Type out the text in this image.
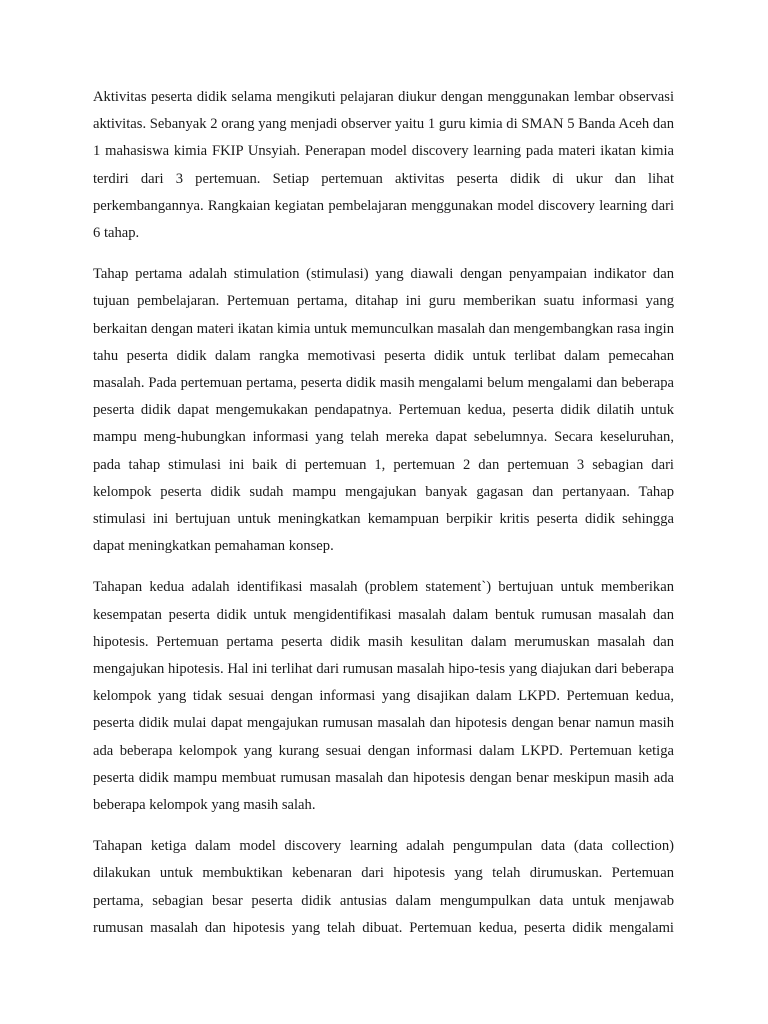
Aktivitas peserta didik selama mengikuti pelajaran diukur dengan menggunakan lembar observasi aktivitas. Sebanyak 2 orang yang menjadi observer yaitu 1 guru kimia di SMAN 5 Banda Aceh dan 1 mahasiswa kimia FKIP Unsyiah. Penerapan model discovery learning pada materi ikatan kimia terdiri dari 3 pertemuan. Setiap pertemuan aktivitas peserta didik di ukur dan lihat perkembangannya. Rangkaian kegiatan pembelajaran menggunakan model discovery learning dari 6 tahap.

Tahap pertama adalah stimulation (stimulasi) yang diawali dengan penyampaian indikator dan tujuan pembelajaran. Pertemuan pertama, ditahap ini guru memberikan suatu informasi yang berkaitan dengan materi ikatan kimia untuk memunculkan masalah dan mengembangkan rasa ingin tahu peserta didik dalam rangka memotivasi peserta didik untuk terlibat dalam pemecahan masalah. Pada pertemuan pertama, peserta didik masih mengalami belum mengalami dan beberapa peserta didik dapat mengemukakan pendapatnya. Pertemuan kedua, peserta didik dilatih untuk mampu meng-hubungkan informasi yang telah mereka dapat sebelumnya. Secara keseluruhan, pada tahap stimulasi ini baik di pertemuan 1, pertemuan 2 dan pertemuan 3 sebagian dari kelompok peserta didik sudah mampu mengajukan banyak gagasan dan pertanyaan. Tahap stimulasi ini bertujuan untuk meningkatkan kemampuan berpikir kritis peserta didik sehingga dapat meningkatkan pemahaman konsep.

Tahapan kedua adalah identifikasi masalah (problem statement`) bertujuan untuk memberikan kesempatan peserta didik untuk mengidentifikasi masalah dalam bentuk rumusan masalah dan hipotesis. Pertemuan pertama peserta didik masih kesulitan dalam merumuskan masalah dan mengajukan hipotesis. Hal ini terlihat dari rumusan masalah hipo-tesis yang diajukan dari beberapa kelompok yang tidak sesuai dengan informasi yang disajikan dalam LKPD. Pertemuan kedua, peserta didik mulai dapat mengajukan rumusan masalah dan hipotesis dengan benar namun masih ada beberapa kelompok yang kurang sesuai dengan informasi dalam LKPD. Pertemuan ketiga peserta didik mampu membuat rumusan masalah dan hipotesis dengan benar meskipun masih ada beberapa kelompok yang masih salah.

Tahapan ketiga dalam model discovery learning adalah pengumpulan data (data collection) dilakukan untuk membuktikan kebenaran dari hipotesis yang telah dirumuskan. Pertemuan pertama, sebagian besar peserta didik antusias dalam mengumpulkan data untuk menjawab rumusan masalah dan hipotesis yang telah dibuat. Pertemuan kedua, peserta didik mengalami
